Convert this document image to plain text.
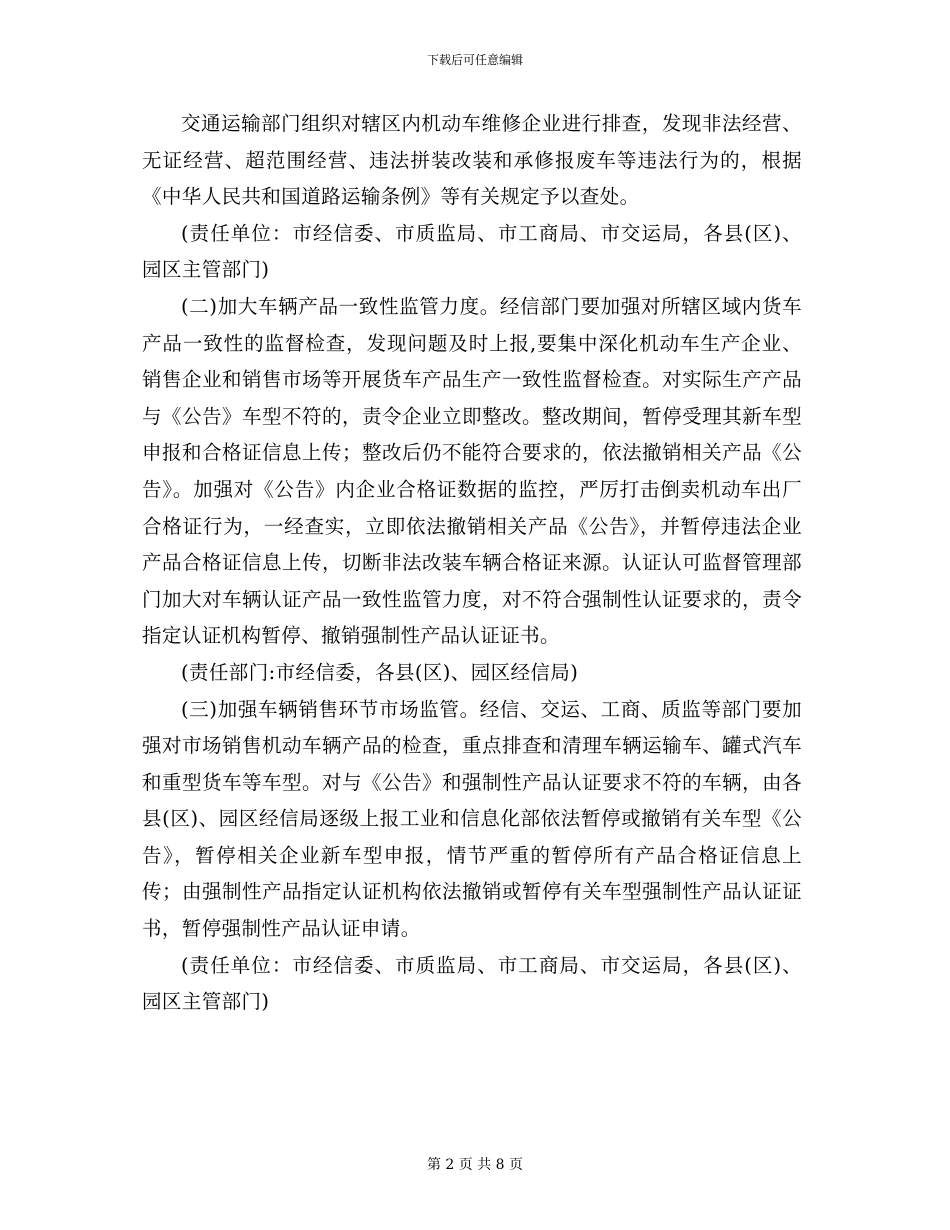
下载后可任意编辑

交通运输部门组织对辖区内机动车维修企业进行排查，发现非法经营、无证经营、超范围经营、违法拼装改装和承修报废车等违法行为的，根据《中华人民共和国道路运输条例》等有关规定予以查处。

(责任单位：市经信委、市质监局、市工商局、市交运局，各县(区)、园区主管部门)

(二)加大车辆产品一致性监管力度。经信部门要加强对所辖区域内货车产品一致性的监督检查，发现问题及时上报,要集中深化机动车生产企业、销售企业和销售市场等开展货车产品生产一致性监督检查。对实际生产产品与《公告》车型不符的，责令企业立即整改。整改期间，暂停受理其新车型申报和合格证信息上传；整改后仍不能符合要求的，依法撤销相关产品《公告》。加强对《公告》内企业合格证数据的监控，严厉打击倒卖机动车出厂合格证行为，一经查实，立即依法撤销相关产品《公告》，并暂停违法企业产品合格证信息上传，切断非法改装车辆合格证来源。认证认可监督管理部门加大对车辆认证产品一致性监管力度，对不符合强制性认证要求的，责令指定认证机构暂停、撤销强制性产品认证证书。

(责任部门:市经信委，各县(区)、园区经信局)

(三)加强车辆销售环节市场监管。经信、交运、工商、质监等部门要加强对市场销售机动车辆产品的检查，重点排查和清理车辆运输车、罐式汽车和重型货车等车型。对与《公告》和强制性产品认证要求不符的车辆，由各县(区)、园区经信局逐级上报工业和信息化部依法暂停或撤销有关车型《公告》，暂停相关企业新车型申报，情节严重的暂停所有产品合格证信息上传；由强制性产品指定认证机构依法撤销或暂停有关车型强制性产品认证证书，暂停强制性产品认证申请。

(责任单位：市经信委、市质监局、市工商局、市交运局，各县(区)、园区主管部门)

第 2 页 共 8 页
